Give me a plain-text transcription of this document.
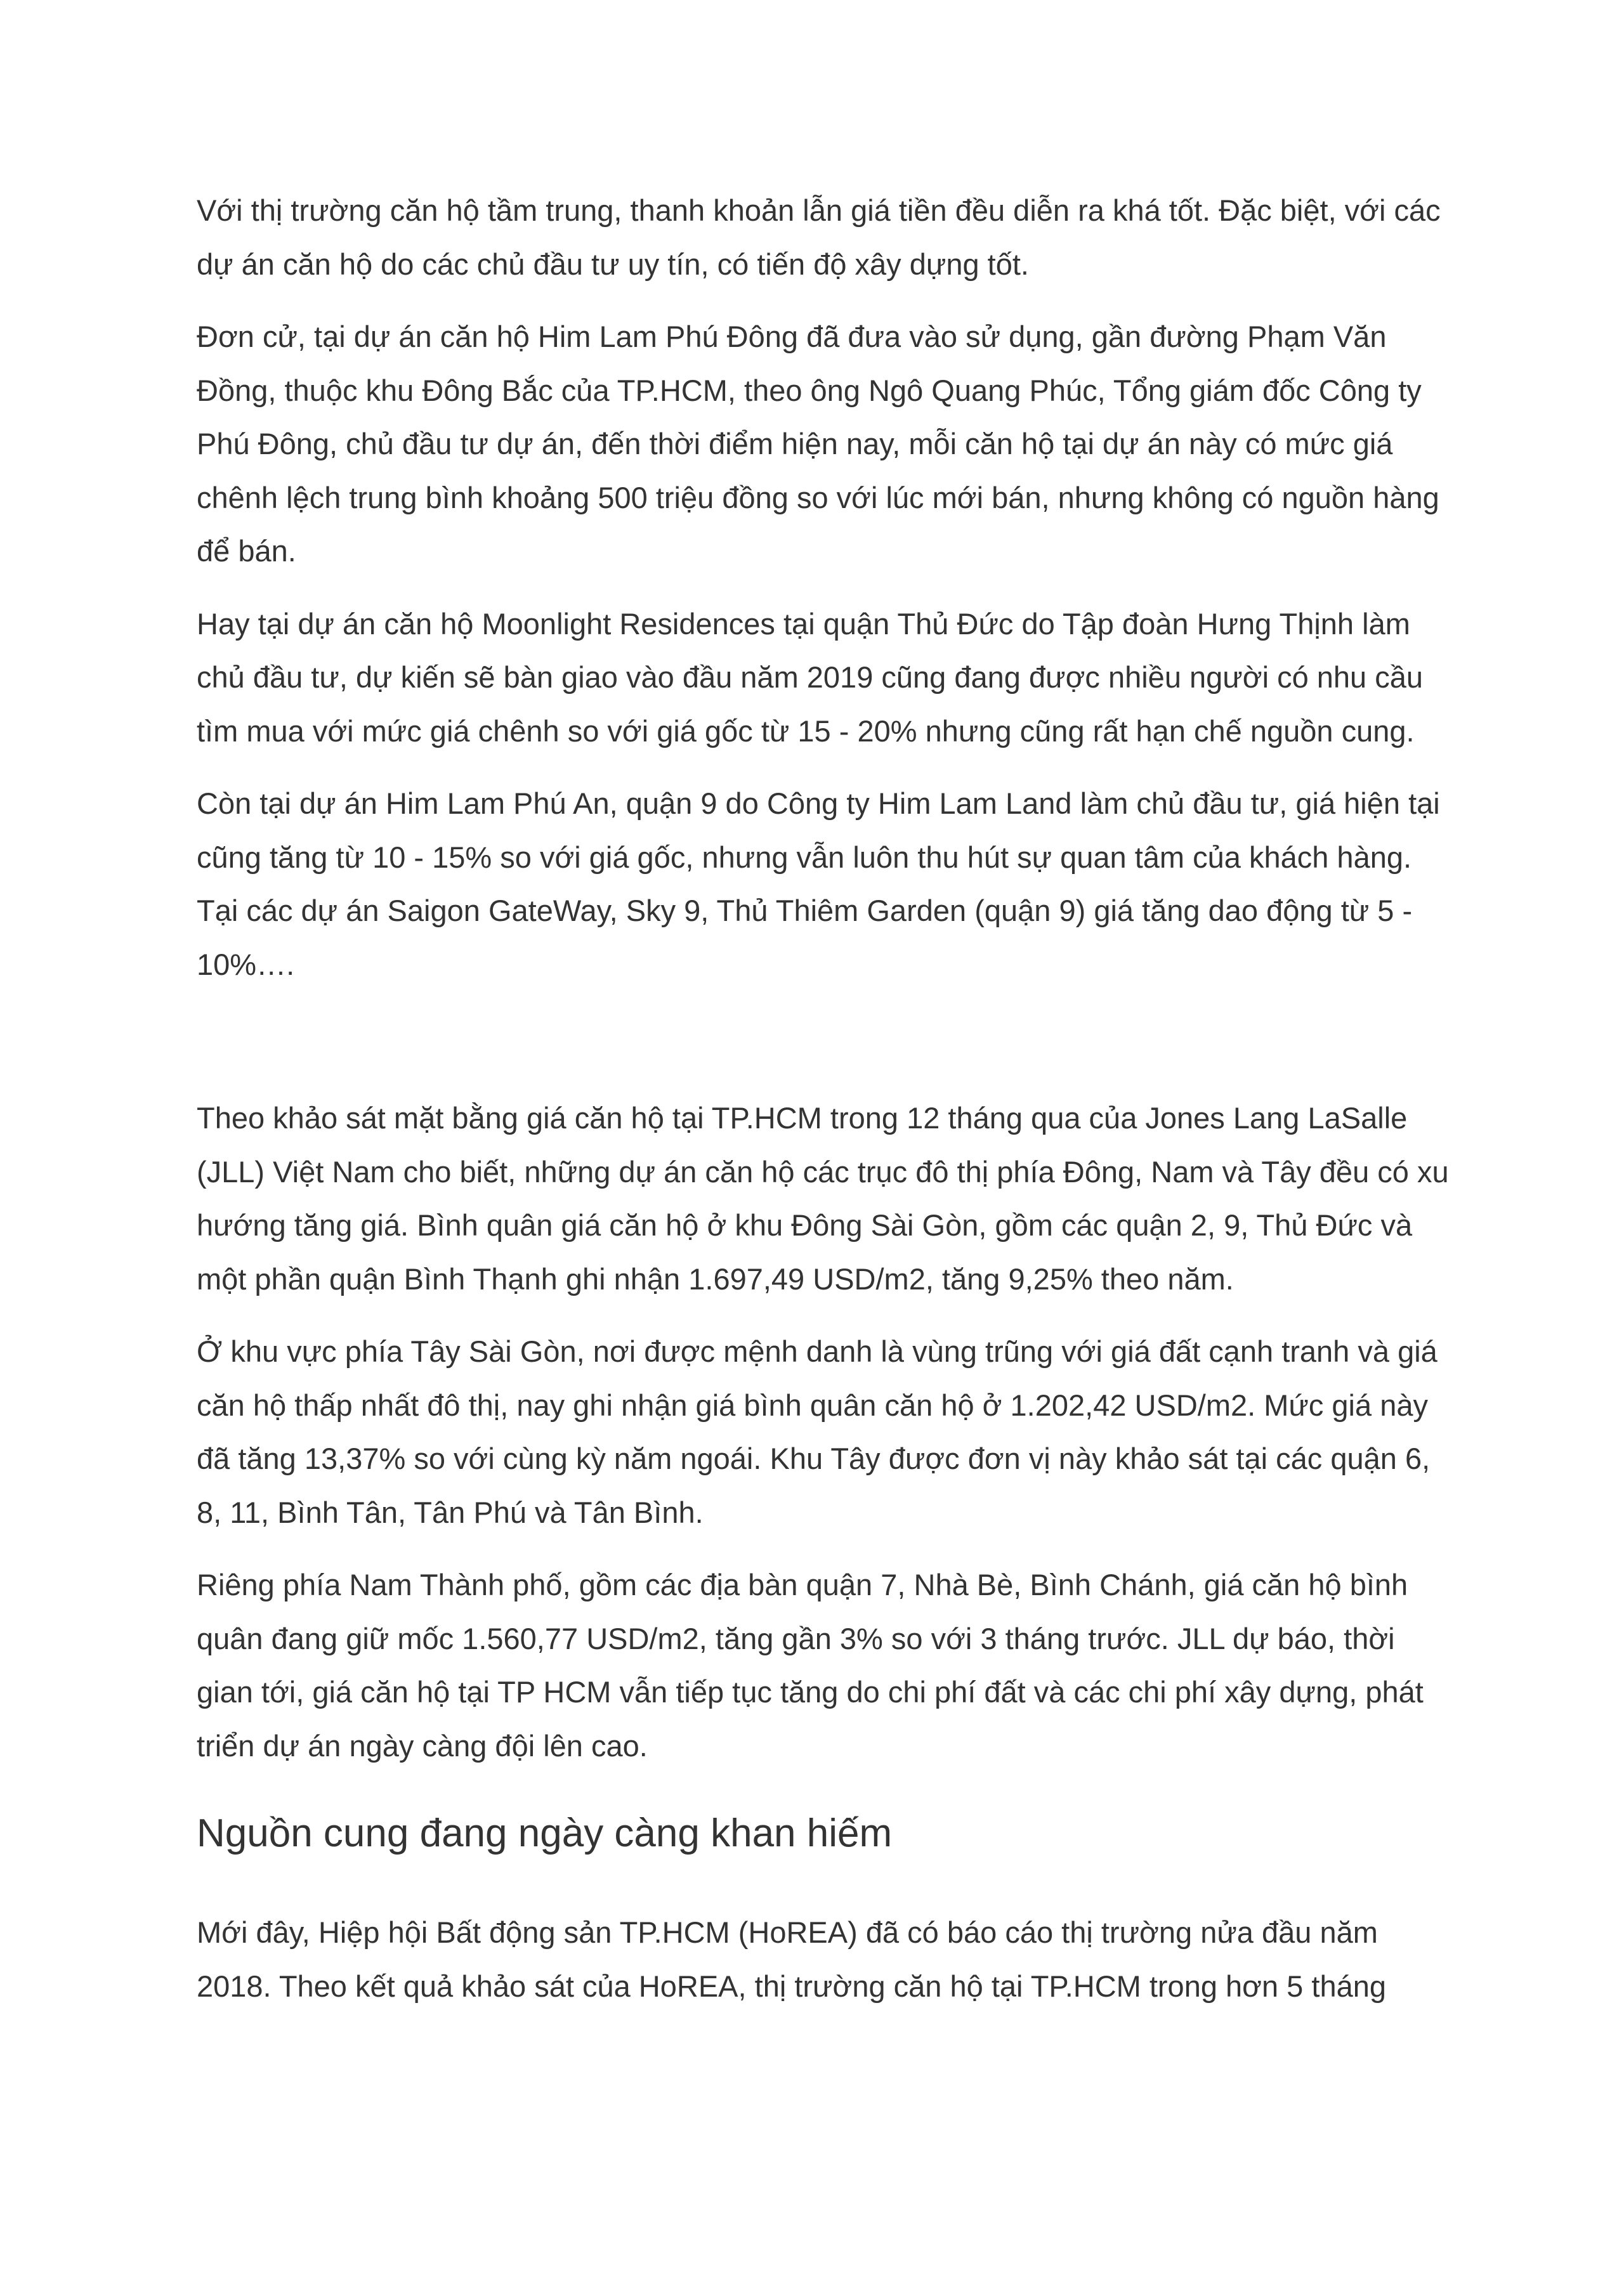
Với thị trường căn hộ tầm trung, thanh khoản lẫn giá tiền đều diễn ra khá tốt. Đặc biệt, với các dự án căn hộ do các chủ đầu tư uy tín, có tiến độ xây dựng tốt.

Đơn cử, tại dự án căn hộ Him Lam Phú Đông đã đưa vào sử dụng, gần đường Phạm Văn Đồng, thuộc khu Đông Bắc của TP.HCM, theo ông Ngô Quang Phúc, Tổng giám đốc Công ty Phú Đông, chủ đầu tư dự án, đến thời điểm hiện nay, mỗi căn hộ tại dự án này có mức giá chênh lệch trung bình khoảng 500 triệu đồng so với lúc mới bán, nhưng không có nguồn hàng để bán.

Hay tại dự án căn hộ Moonlight Residences tại quận Thủ Đức do Tập đoàn Hưng Thịnh làm chủ đầu tư, dự kiến sẽ bàn giao vào đầu năm 2019 cũng đang được nhiều người có nhu cầu tìm mua với mức giá chênh so với giá gốc từ 15 - 20% nhưng cũng rất hạn chế nguồn cung.

Còn tại dự án Him Lam Phú An, quận 9 do Công ty Him Lam Land làm chủ đầu tư, giá hiện tại cũng tăng từ 10 - 15% so với giá gốc, nhưng vẫn luôn thu hút sự quan tâm của khách hàng. Tại các dự án Saigon GateWay, Sky 9, Thủ Thiêm Garden (quận 9) giá tăng dao động từ 5 - 10%….

Theo khảo sát mặt bằng giá căn hộ tại TP.HCM trong 12 tháng qua của Jones Lang LaSalle (JLL) Việt Nam cho biết, những dự án căn hộ các trục đô thị phía Đông, Nam và Tây đều có xu hướng tăng giá. Bình quân giá căn hộ ở khu Đông Sài Gòn, gồm các quận 2, 9, Thủ Đức và một phần quận Bình Thạnh ghi nhận 1.697,49 USD/m2, tăng 9,25% theo năm.

Ở khu vực phía Tây Sài Gòn, nơi được mệnh danh là vùng trũng với giá đất cạnh tranh và giá căn hộ thấp nhất đô thị, nay ghi nhận giá bình quân căn hộ ở 1.202,42 USD/m2. Mức giá này đã tăng 13,37% so với cùng kỳ năm ngoái. Khu Tây được đơn vị này khảo sát tại các quận 6, 8, 11, Bình Tân, Tân Phú và Tân Bình.

Riêng phía Nam Thành phố, gồm các địa bàn quận 7, Nhà Bè, Bình Chánh, giá căn hộ bình quân đang giữ mốc 1.560,77 USD/m2, tăng gần 3% so với 3 tháng trước. JLL dự báo, thời gian tới, giá căn hộ tại TP HCM vẫn tiếp tục tăng do chi phí đất và các chi phí xây dựng, phát triển dự án ngày càng đội lên cao.

Nguồn cung đang ngày càng khan hiếm

Mới đây, Hiệp hội Bất động sản TP.HCM (HoREA) đã có báo cáo thị trường nửa đầu năm 2018. Theo kết quả khảo sát của HoREA, thị trường căn hộ tại TP.HCM trong hơn 5 tháng
